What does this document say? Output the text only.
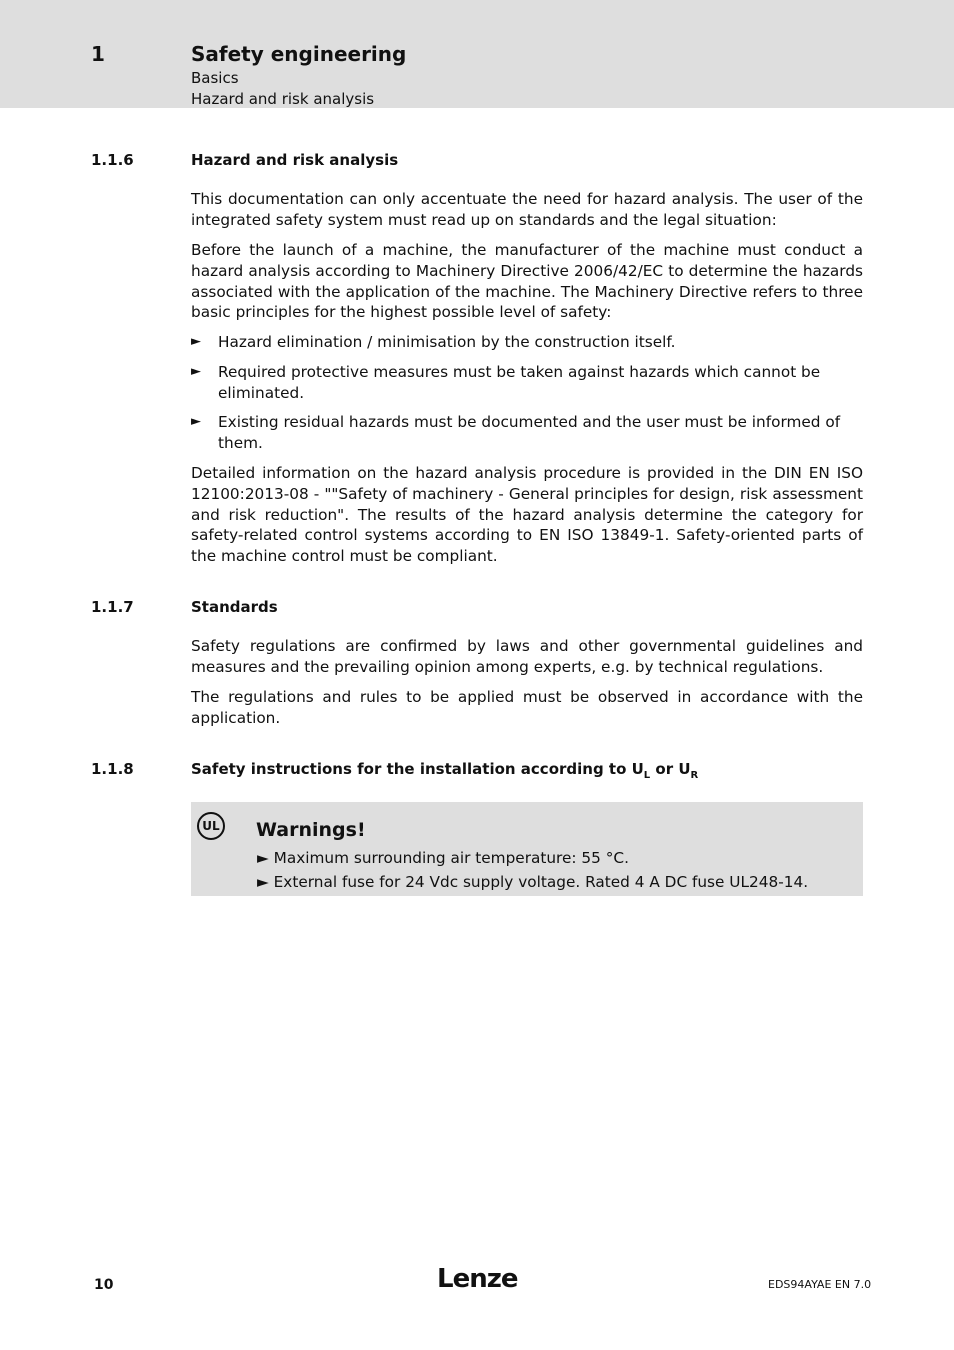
1	Safety engineering
Basics
Hazard and risk analysis
1.1.6	Hazard and risk analysis

This documentation can only accentuate the need for hazard analysis. The user of the integrated safety system must read up on standards and the legal situation:

Before the launch of a machine, the manufacturer of the machine must conduct a hazard analysis according to Machinery Directive 2006/42/EC to determine the hazards associated with the application of the machine. The Machinery Directive refers to three basic principles for the highest possible level of safety:

► Hazard elimination / minimisation by the construction itself.
► Required protective measures must be taken against hazards which cannot be eliminated.
► Existing residual hazards must be documented and the user must be informed of them.

Detailed information on the hazard analysis procedure is provided in the DIN EN ISO 12100:2013-08 - ""Safety of machinery - General principles for design, risk assessment and risk reduction". The results of the hazard analysis determine the category for safety-related control systems according to EN ISO 13849-1. Safety-oriented parts of the machine control must be compliant.

1.1.7	Standards

Safety regulations are confirmed by laws and other governmental guidelines and measures and the prevailing opinion among experts, e.g. by technical regulations.

The regulations and rules to be applied must be observed in accordance with the application.

1.1.8	Safety instructions for the installation according to $U_L$ or $U_R$
UL Warnings!
► Maximum surrounding air temperature: 55 °C.
► External fuse for 24 Vdc supply voltage. Rated 4 A DC fuse UL248-14.
10	Lenze	EDS94AYAE EN 7.0
